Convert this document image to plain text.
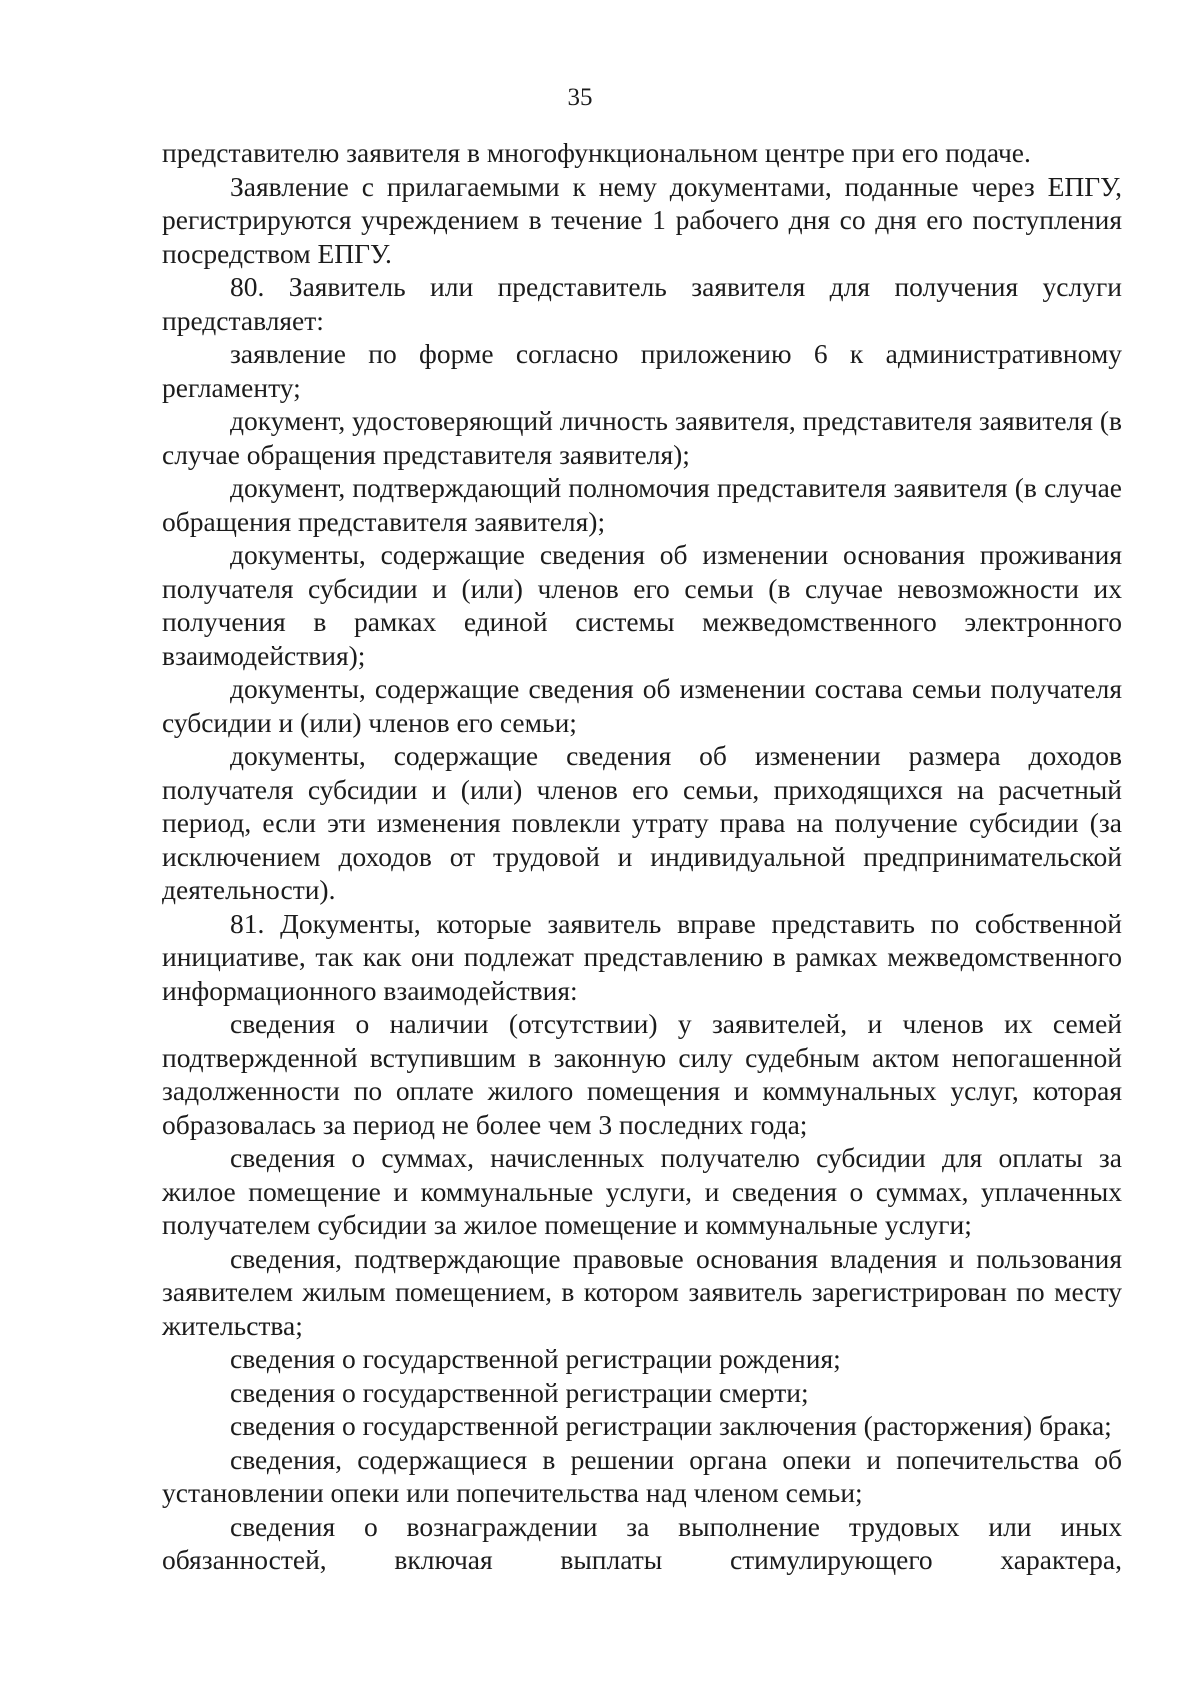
35

представителю заявителя в многофункциональном центре при его подаче.

Заявление с прилагаемыми к нему документами, поданные через ЕПГУ, регистрируются учреждением в течение 1 рабочего дня со дня его поступления посредством ЕПГУ.

80. Заявитель или представитель заявителя для получения услуги представляет:

заявление по форме согласно приложению 6 к административному регламенту;

документ, удостоверяющий личность заявителя, представителя заявителя (в случае обращения представителя заявителя);

документ, подтверждающий полномочия представителя заявителя (в случае обращения представителя заявителя);

документы, содержащие сведения об изменении основания проживания получателя субсидии и (или) членов его семьи (в случае невозможности их получения в рамках единой системы межведомственного электронного взаимодействия);

документы, содержащие сведения об изменении состава семьи получателя субсидии и (или) членов его семьи;

документы, содержащие сведения об изменении размера доходов получателя субсидии и (или) членов его семьи, приходящихся на расчетный период, если эти изменения повлекли утрату права на получение субсидии (за исключением доходов от трудовой и индивидуальной предпринимательской деятельности).

81. Документы, которые заявитель вправе представить по собственной инициативе, так как они подлежат представлению в рамках межведомственного информационного взаимодействия:

сведения о наличии (отсутствии) у заявителей, и членов их семей подтвержденной вступившим в законную силу судебным актом непогашенной задолженности по оплате жилого помещения и коммунальных услуг, которая образовалась за период не более чем 3 последних года;

сведения о суммах, начисленных получателю субсидии для оплаты за жилое помещение и коммунальные услуги, и сведения о суммах, уплаченных получателем субсидии за жилое помещение и коммунальные услуги;

сведения, подтверждающие правовые основания владения и пользования заявителем жилым помещением, в котором заявитель зарегистрирован по месту жительства;

сведения о государственной регистрации рождения;

сведения о государственной регистрации смерти;

сведения о государственной регистрации заключения (расторжения) брака;

сведения, содержащиеся в решении органа опеки и попечительства об установлении опеки или попечительства над членом семьи;

сведения о вознаграждении за выполнение трудовых или иных обязанностей, включая выплаты стимулирующего характера,
